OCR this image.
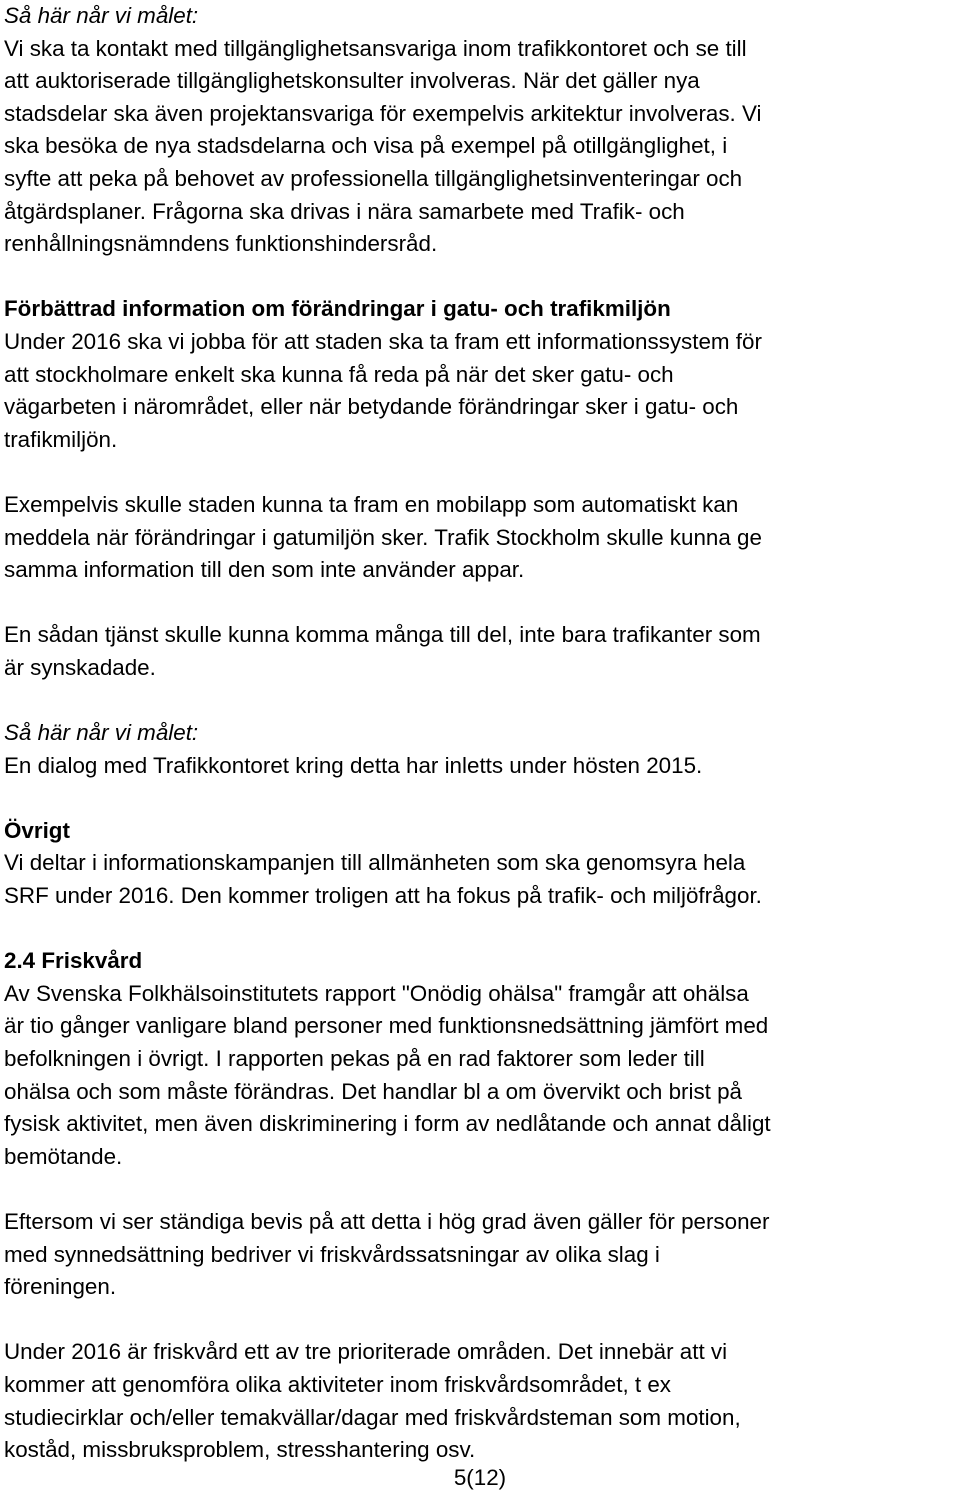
Så här når vi målet:
Vi ska ta kontakt med tillgänglighetsansvariga inom trafikkontoret och se till
att auktoriserade tillgänglighetskonsulter involveras. När det gäller nya
stadsdelar ska även projektansvariga för exempelvis arkitektur involveras. Vi
ska besöka de nya stadsdelarna och visa på exempel på otillgänglighet, i
syfte att peka på behovet av professionella tillgänglighetsinventeringar och
åtgärdsplaner. Frågorna ska drivas i nära samarbete med Trafik- och
renhållningsnämndens funktionshindersråd.
Förbättrad information om förändringar i gatu- och trafikmiljön
Under 2016 ska vi jobba för att staden ska ta fram ett informationssystem för
att stockholmare enkelt ska kunna få reda på när det sker gatu- och
vägarbeten i närområdet, eller när betydande förändringar sker i gatu- och
trafikmiljön.
Exempelvis skulle staden kunna ta fram en mobilapp som automatiskt kan
meddela när förändringar i gatumiljön sker. Trafik Stockholm skulle kunna ge
samma information till den som inte använder appar.
En sådan tjänst skulle kunna komma många till del, inte bara trafikanter som
är synskadade.
Så här når vi målet:
En dialog med Trafikkontoret kring detta har inletts under hösten 2015.
Övrigt
Vi deltar i informationskampanjen till allmänheten som ska genomsyra hela
SRF under 2016. Den kommer troligen att ha fokus på trafik- och miljöfrågor.
2.4 Friskvård
Av Svenska Folkhälsoinstitutets rapport "Onödig ohälsa" framgår att ohälsa
är tio gånger vanligare bland personer med funktionsnedsättning jämfört med
befolkningen i övrigt. I rapporten pekas på en rad faktorer som leder till
ohälsa och som måste förändras. Det handlar bl a om övervikt och brist på
fysisk aktivitet, men även diskriminering i form av nedlåtande och annat dåligt
bemötande.
Eftersom vi ser ständiga bevis på att detta i hög grad även gäller för personer
med synnedsättning bedriver vi friskvårdssatsningar av olika slag i
föreningen.
Under 2016 är friskvård ett av tre prioriterade områden. Det innebär att vi
kommer att genomföra olika aktiviteter inom friskvårdsområdet, t ex
studiecirklar och/eller temakvällar/dagar med friskvårdsteman som motion,
koståd, missbruksproblem, stresshantering osv.
5(12)
